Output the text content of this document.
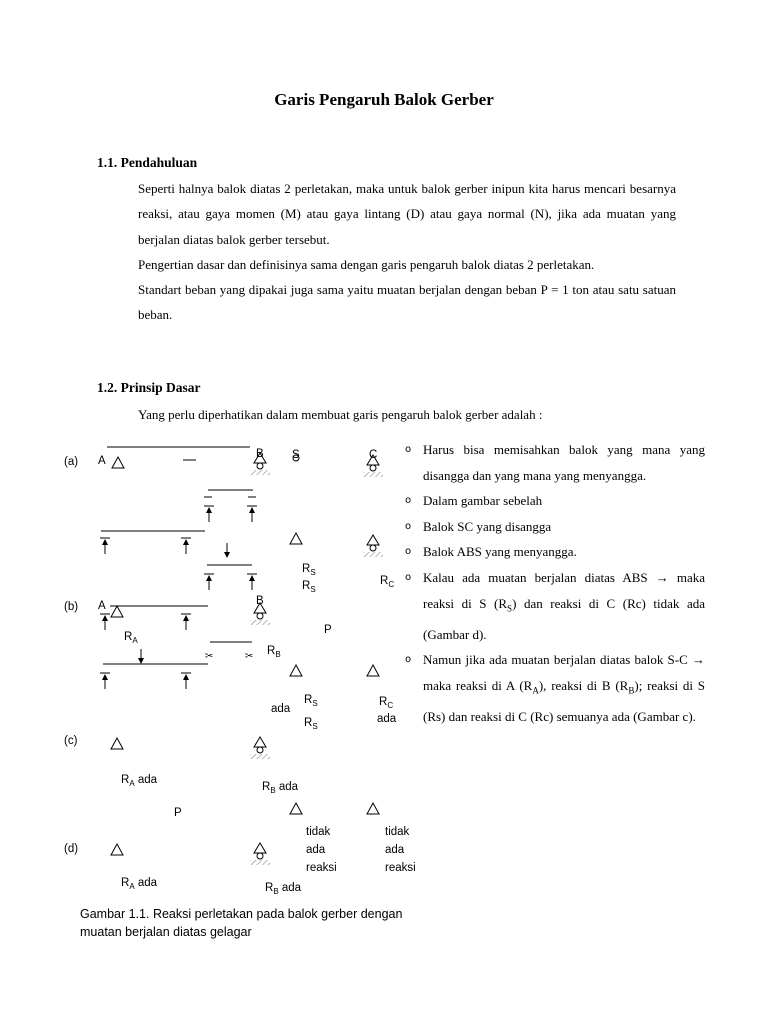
Garis Pengaruh Balok Gerber
1.1. Pendahuluan

Seperti halnya balok diatas 2 perletakan, maka untuk balok gerber inipun kita harus mencari besarnya reaksi, atau gaya momen (M) atau gaya lintang (D) atau gaya normal (N), jika ada muatan yang berjalan diatas balok gerber tersebut.

Pengertian dasar dan definisinya sama dengan garis pengaruh balok diatas 2 perletakan.

Standart beban yang dipakai juga sama yaitu muatan berjalan dengan beban P = 1 ton atau satu satuan beban.

1.2. Prinsip Dasar
Yang perlu diperhatikan dalam membuat garis pengaruh balok gerber adalah :
o Harus bisa memisahkan balok yang mana yang disangga dan yang mana yang menyangga.
o Dalam gambar sebelah
o Balok SC yang disangga
o Balok ABS yang menyangga.
o Kalau ada muatan berjalan diatas ABS → maka reaksi di S $(R_S)$ dan reaksi di C (Rc) tidak ada (Gambar d).
o Namun jika ada muatan berjalan diatas balok S-C → maka reaksi di A $(R_A)$, reaksi di B $(R_B)$; reaksi di S (Rs) dan reaksi di C (Rc) semuanya ada (Gambar c).
✂	✂
(a)
(b)
(c)
(d)
A
B S	C
$R_S$
$R_S$
$R_C$
A	B
P
$R_A$
$R_B$
$R_S$
ada
$R_S$
$R_C$
ada
$R_A$ ada
$R_B$ ada
P
tidak
ada
reaksi
tidak
ada
reaksi
$R_A$ ada	$R_B$ ada
Gambar 1.1. Reaksi perletakan pada balok gerber dengan
muatan berjalan diatas gelagar
